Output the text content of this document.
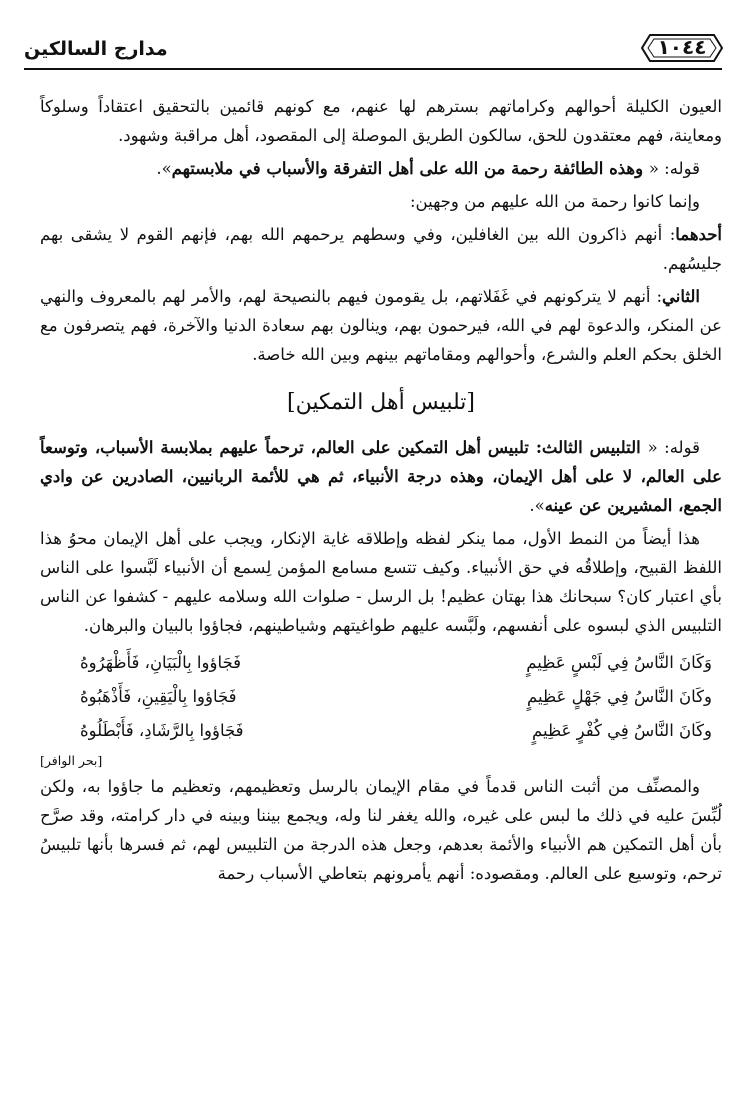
١٠٤٤
مدارج السالكين

العيون الكليلة أحوالهم وكراماتهم بسترهم لها عنهم، مع كونهم قائمين بالتحقيق اعتقاداً وسلوكاً ومعاينة، فهم معتقدون للحق، سالكون الطريق الموصلة إلى المقصود، أهل مراقبة وشهود.

قوله: « وهذه الطائفة رحمة من الله على أهل التفرقة والأسباب في ملابستهم».

وإنما كانوا رحمة من الله عليهم من وجهين:

أحدهما: أنهم ذاكرون الله بين الغافلين، وفي وسطهم يرحمهم الله بهم، فإنهم القوم لا يشقى بهم جليسُهم.

الثاني: أنهم لا يتركونهم في غَفَلاتهم، بل يقومون فيهم بالنصيحة لهم، والأمر لهم بالمعروف والنهي عن المنكر، والدعوة لهم في الله، فيرحمون بهم، وينالون بهم سعادة الدنيا والآخرة، فهم يتصرفون مع الخلق بحكم العلم والشرع، وأحوالهم ومقاماتهم بينهم وبين الله خاصة.

[تلبيس أهل التمكين]

قوله: « التلبيس الثالث: تلبيس أهل التمكين على العالم، ترحماً عليهم بملابسة الأسباب، وتوسعاً على العالم، لا على أهل الإيمان، وهذه درجة الأنبياء، ثم هي للأئمة الربانيين، الصادرين عن وادي الجمع، المشيرين عن عينه».

هذا أيضاً من النمط الأول، مما ينكر لفظه وإطلاقه غاية الإنكار، ويجب على أهل الإيمان محوُ هذا اللفظ القبيح، وإطلاقُه في حق الأنبياء. وكيف تتسع مسامع المؤمن لِسمع أن الأنبياء لَبَّسوا على الناس بأي اعتبار كان؟ سبحانك هذا بهتان عظيم! بل الرسل - صلوات الله وسلامه عليهم - كشفوا عن الناس التلبيس الذي لبسوه على أنفسهم، ولَبَّسه عليهم طواغيتهم وشياطينهم، فجاؤوا بالبيان والبرهان.

وَكَانَ النَّاسُ فِي لَبْسٍ عَظِيمٍ
فَجَاؤوا بِالْبَيَانِ، فَأَظْهَرُوهُ
وكَانَ النَّاسُ فِي جَهْلٍ عَظِيمٍ
فَجَاؤوا بِالْيَقِينِ، فَأَذْهَبُوهُ
وكَانَ النَّاسُ فِي كُفْرٍ عَظِيمٍ
فَجَاؤوا بِالرَّشَادِ، فَأَبْطَلُوهُ
[بحر الوافر]

والمصنِّف من أثبت الناس قدماً في مقام الإيمان بالرسل وتعظيمهم، وتعظيم ما جاؤوا به، ولكن لُبِّسَ عليه في ذلك ما لبس على غيره، والله يغفر لنا وله، ويجمع بيننا وبينه في دار كرامته، وقد صرَّح بأن أهل التمكين هم الأنبياء والأئمة بعدهم، وجعل هذه الدرجة من التلبيس لهم، ثم فسرها بأنها تلبيسُ ترحم، وتوسيع على العالم. ومقصوده: أنهم يأمرونهم بتعاطي الأسباب رحمة
